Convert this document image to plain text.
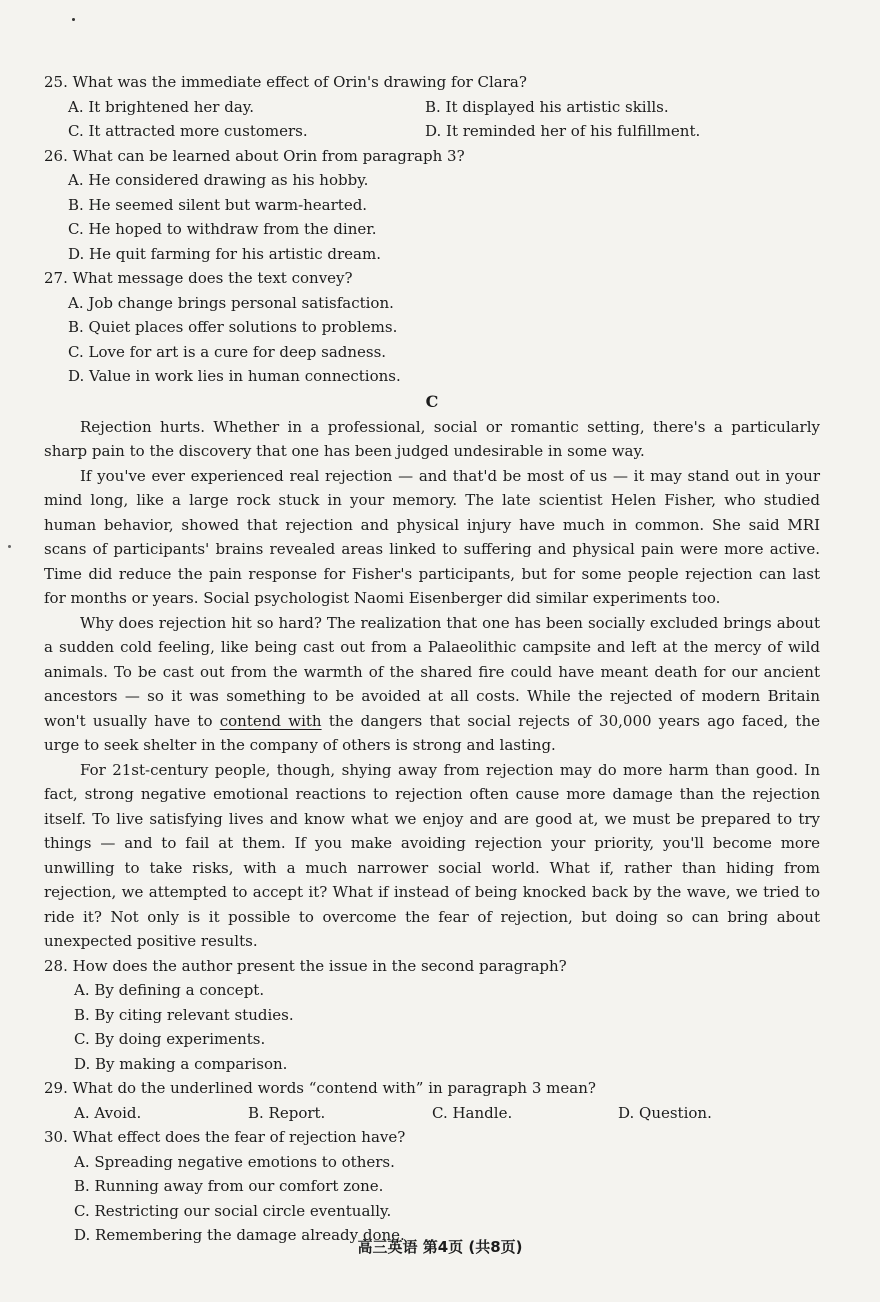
25. What was the immediate effect of Orin's drawing for Clara?
A. It brightened her day.	B. It displayed his artistic skills.
C. It attracted more customers.	D. It reminded her of his fulfillment.
26. What can be learned about Orin from paragraph 3?
A. He considered drawing as his hobby.
B. He seemed silent but warm-hearted.
C. He hoped to withdraw from the diner.
D. He quit farming for his artistic dream.
27. What message does the text convey?
A. Job change brings personal satisfaction.
B. Quiet places offer solutions to problems.
C. Love for art is a cure for deep sadness.
D. Value in work lies in human connections.
C

Rejection hurts. Whether in a professional, social or romantic setting, there's a particularly sharp pain to the discovery that one has been judged undesirable in some way.

If you've ever experienced real rejection — and that'd be most of us — it may stand out in your mind long, like a large rock stuck in your memory. The late scientist Helen Fisher, who studied human behavior, showed that rejection and physical injury have much in common. She said MRI scans of participants' brains revealed areas linked to suffering and physical pain were more active. Time did reduce the pain response for Fisher's participants, but for some people rejection can last for months or years. Social psychologist Naomi Eisenberger did similar experiments too.

Why does rejection hit so hard? The realization that one has been socially excluded brings about a sudden cold feeling, like being cast out from a Palaeolithic campsite and left at the mercy of wild animals. To be cast out from the warmth of the shared fire could have meant death for our ancient ancestors — so it was something to be avoided at all costs. While the rejected of modern Britain won't usually have to contend with the dangers that social rejects of 30,000 years ago faced, the urge to seek shelter in the company of others is strong and lasting.

For 21st-century people, though, shying away from rejection may do more harm than good. In fact, strong negative emotional reactions to rejection often cause more damage than the rejection itself. To live satisfying lives and know what we enjoy and are good at, we must be prepared to try things — and to fail at them. If you make avoiding rejection your priority, you'll become more unwilling to take risks, with a much narrower social world. What if, rather than hiding from rejection, we attempted to accept it? What if instead of being knocked back by the wave, we tried to ride it? Not only is it possible to overcome the fear of rejection, but doing so can bring about unexpected positive results.

28. How does the author present the issue in the second paragraph?
A. By defining a concept.
B. By citing relevant studies.
C. By doing experiments.
D. By making a comparison.
29. What do the underlined words “contend with” in paragraph 3 mean?
A. Avoid.	B. Report.	C. Handle.	D. Question.
30. What effect does the fear of rejection have?
A. Spreading negative emotions to others.
B. Running away from our comfort zone.
C. Restricting our social circle eventually.
D. Remembering the damage already done.
高三英语 第4页 (共8页)
